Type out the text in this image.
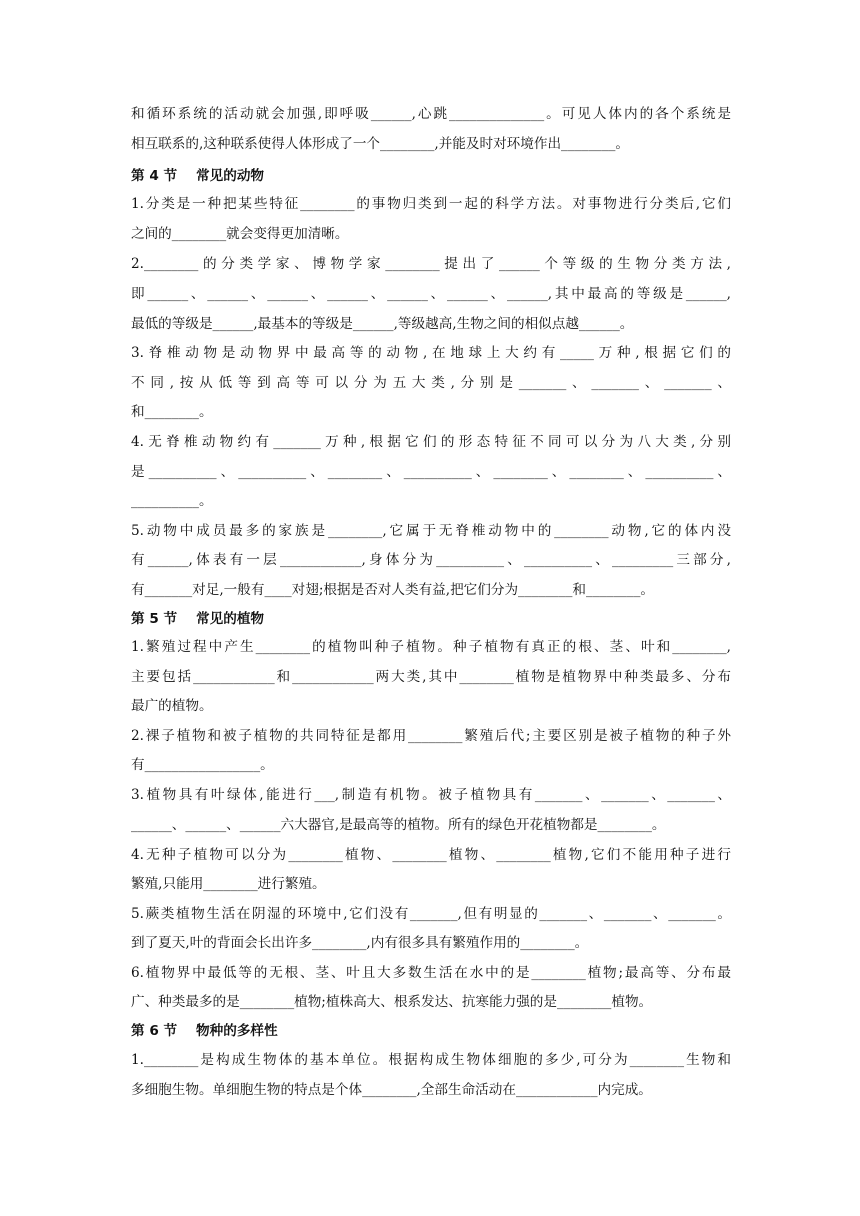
和循环系统的活动就会加强,即呼吸______,心跳______________。可见人体内的各个系统是

相互联系的,这种联系使得人体形成了一个________,并能及时对环境作出________。

第 4 节    常见的动物

1.分类是一种把某些特征________的事物归类到一起的科学方法。对事物进行分类后,它们

之间的________就会变得更加清晰。

2.________的分类学家、博物学家________提出了______个等级的生物分类方法,

即______、______、______、______、______、______、______,其中最高的等级是______,

最低的等级是______,最基本的等级是______,等级越高,生物之间的相似点越______。

3.脊椎动物是动物界中最高等的动物,在地球上大约有_____万种,根据它们的

不同,按从低等到高等可以分为五大类,分别是_______、_______、_______、

和________。

4.无脊椎动物约有_______万种,根据它们的形态特征不同可以分为八大类,分别

是__________、__________、________、__________、________、________、__________、

__________。

5.动物中成员最多的家族是________,它属于无脊椎动物中的________动物,它的体内没

有______,体表有一层____________,身体分为__________、__________、_________三部分,

有_______对足,一般有____对翅;根据是否对人类有益,把它们分为________和________。

第 5 节    常见的植物

1.繁殖过程中产生________的植物叫种子植物。种子植物有真正的根、茎、叶和________,

主要包括____________和____________两大类,其中________植物是植物界中种类最多、分布

最广的植物。

2.裸子植物和被子植物的共同特征是都用________繁殖后代;主要区别是被子植物的种子外

有_________________。

3.植物具有叶绿体,能进行___,制造有机物。被子植物具有_______、_______、_______、

______、______、______六大器官,是最高等的植物。所有的绿色开花植物都是________。

4.无种子植物可以分为________植物、________植物、________植物,它们不能用种子进行

繁殖,只能用________进行繁殖。

5.蕨类植物生活在阴湿的环境中,它们没有_______,但有明显的_______、_______、_______。

到了夏天,叶的背面会长出许多________,内有很多具有繁殖作用的________。

6.植物界中最低等的无根、茎、叶且大多数生活在水中的是________植物;最高等、分布最

广、种类最多的是________植物;植株高大、根系发达、抗寒能力强的是________植物。

第 6 节    物种的多样性

1.________是构成生物体的基本单位。根据构成生物体细胞的多少,可分为________生物和

多细胞生物。单细胞生物的特点是个体________,全部生命活动在____________内完成。
